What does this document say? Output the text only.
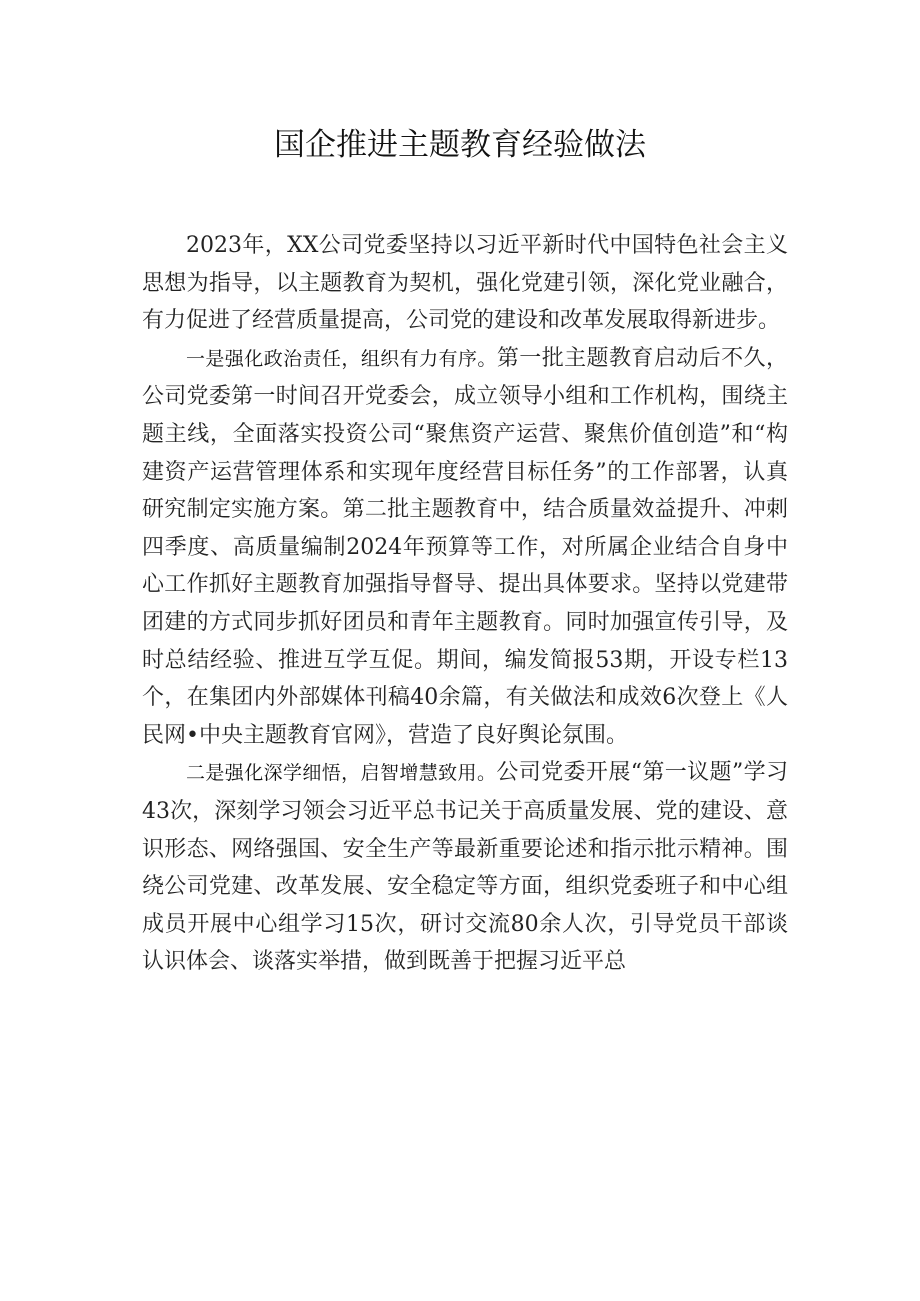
国企推进主题教育经验做法

2023年，XX公司党委坚持以习近平新时代中国特色社会主义思想为指导，以主题教育为契机，强化党建引领，深化党业融合，有力促进了经营质量提高，公司党的建设和改革发展取得新进步。

一是强化政治责任，组织有力有序。第一批主题教育启动后不久，公司党委第一时间召开党委会，成立领导小组和工作机构，围绕主题主线，全面落实投资公司“聚焦资产运营、聚焦价值创造”和“构建资产运营管理体系和实现年度经营目标任务”的工作部署，认真研究制定实施方案。第二批主题教育中，结合质量效益提升、冲刺四季度、高质量编制2024年预算等工作，对所属企业结合自身中心工作抓好主题教育加强指导督导、提出具体要求。坚持以党建带团建的方式同步抓好团员和青年主题教育。同时加强宣传引导，及时总结经验、推进互学互促。期间，编发简报53期，开设专栏13个，在集团内外部媒体刊稿40余篇，有关做法和成效6次登上《人民网•中央主题教育官网》，营造了良好舆论氛围。

二是强化深学细悟，启智增慧致用。公司党委开展“第一议题”学习43次，深刻学习领会习近平总书记关于高质量发展、党的建设、意识形态、网络强国、安全生产等最新重要论述和指示批示精神。围绕公司党建、改革发展、安全稳定等方面，组织党委班子和中心组成员开展中心组学习15次，研讨交流80余人次，引导党员干部谈认识体会、谈落实举措，做到既善于把握习近平总
